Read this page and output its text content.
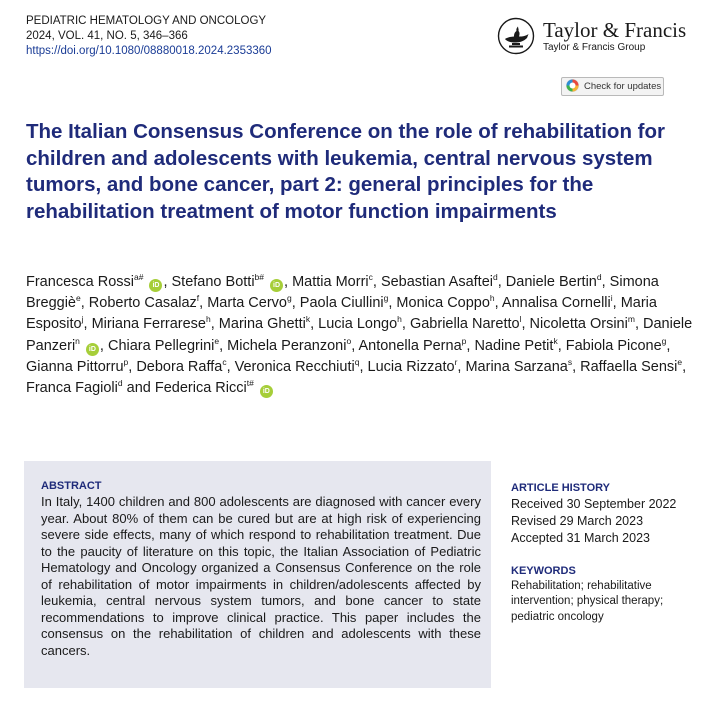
PEDIATRIC HEMATOLOGY AND ONCOLOGY
2024, VOL. 41, NO. 5, 346–366
https://doi.org/10.1080/08880018.2024.2353360
Taylor & Francis
Taylor & Francis Group
Check for updates
The Italian Consensus Conference on the role of rehabilitation for children and adolescents with leukemia, central nervous system tumors, and bone cancer, part 2: general principles for the rehabilitation treatment of motor function impairments
Francesca Rossi$^{a\#}$iD , Stefano Botti$^{b\#}$iD , Mattia Morri$^c$, Sebastian Asaftei$^d$, Daniele Bertin$^d$, Simona Breggiè$^e$, Roberto Casalaz$^f$, Marta Cervo$^g$, Paola Ciullini$^g$, Monica Coppo$^h$, Annalisa Cornelli$^i$, Maria Esposito$^j$, Miriana Ferrarese$^h$, Marina Ghetti$^k$, Lucia Longo$^h$, Gabriella Naretto$^l$, Nicoletta Orsini$^m$, Daniele Panzeri$^n$iD , Chiara Pellegrini$^e$, Michela Peranzoni$^o$, Antonella Perna$^p$, Nadine Petit$^k$, Fabiola Picone$^g$, Gianna Pittorru$^p$, Debora Raffa$^c$, Veronica Recchiuti$^q$, Lucia Rizzato$^r$, Marina Sarzana$^s$, Raffaella Sensi$^e$, Franca Fagioli$^d$ and Federica Ricci$^{t\#}$iD
ABSTRACT
In Italy, 1400 children and 800 adolescents are diagnosed with cancer every year. About 80% of them can be cured but are at high risk of experiencing severe side effects, many of which respond to rehabilitation treatment. Due to the paucity of literature on this topic, the Italian Association of Pediatric Hematology and Oncology organized a Consensus Conference on the role of rehabilitation of motor impairments in children/adolescents affected by leukemia, central nervous system tumors, and bone cancer to state recommendations to improve clinical practice. This paper includes the consensus on the rehabilitation of children and adolescents with these cancers.
ARTICLE HISTORY
Received 30 September 2022
Revised 29 March 2023
Accepted 31 March 2023
KEYWORDS
Rehabilitation; rehabilitative intervention; physical therapy; pediatric oncology
